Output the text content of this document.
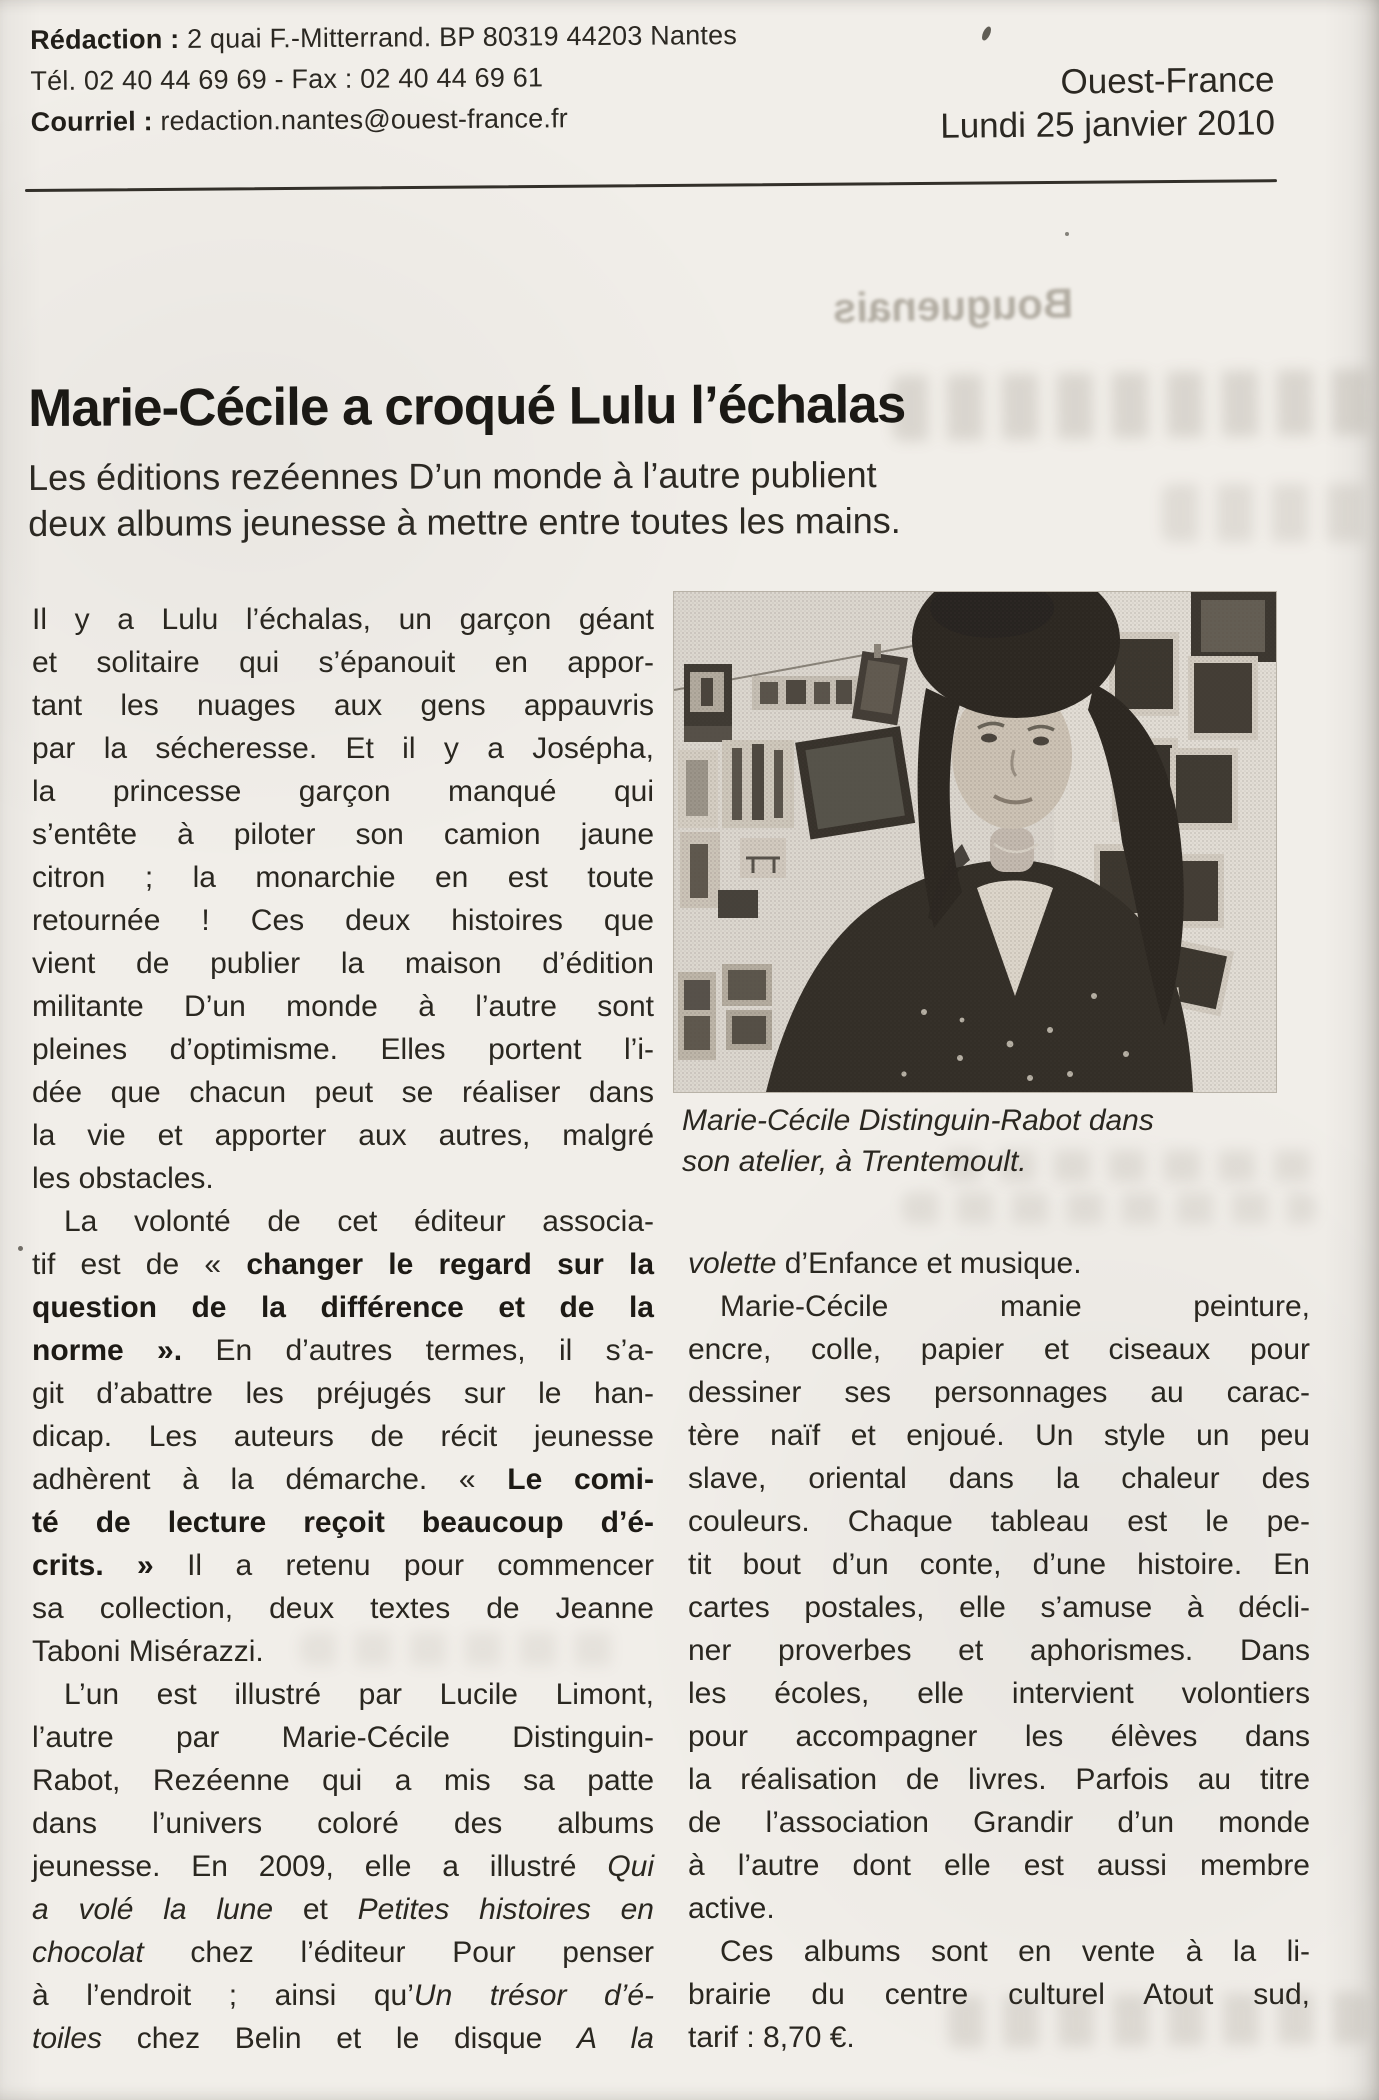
Rédaction : 2 quai F.-Mitterrand. BP 80319 44203 Nantes
Tél. 02 40 44 69 69 - Fax : 02 40 44 69 61
Courriel : redaction.nantes@ouest-france.fr
Ouest-France
Lundi 25 janvier 2010
Bouguenais
Marie-Cécile a croqué Lulu l’échalas
Les éditions rezéennes D’un monde à l’autre publient
deux albums jeunesse à mettre entre toutes les mains.
Il y a Lulu l’échalas, un garçon géant
et solitaire qui s’épanouit en appor-
tant les nuages aux gens appauvris
par la sécheresse. Et il y a Josépha,
la princesse garçon manqué qui
s’entête à piloter son camion jaune
citron ; la monarchie en est toute
retournée ! Ces deux histoires que
vient de publier la maison d’édition
militante D’un monde à l’autre sont
pleines d’optimisme. Elles portent l’i-
dée que chacun peut se réaliser dans
la vie et apporter aux autres, malgré
les obstacles.
La volonté de cet éditeur associa-
tif est de « changer le regard sur la
question de la différence et de la
norme ». En d’autres termes, il s’a-
git d’abattre les préjugés sur le han-
dicap. Les auteurs de récit jeunesse
adhèrent à la démarche. « Le comi-
té de lecture reçoit beaucoup d’é-
crits. » Il a retenu pour commencer
sa collection, deux textes de Jeanne
Taboni Misérazzi.
L’un est illustré par Lucile Limont,
l’autre par Marie-Cécile Distinguin-
Rabot, Rezéenne qui a mis sa patte
dans l’univers coloré des albums
jeunesse. En 2009, elle a illustré Qui
a volé la lune et Petites histoires en
chocolat chez l’éditeur Pour penser
à l’endroit ; ainsi qu’Un trésor d’é-
toiles chez Belin et le disque A la
volette d’Enfance et musique.
Marie-Cécile manie peinture,
encre, colle, papier et ciseaux pour
dessiner ses personnages au carac-
tère naïf et enjoué. Un style un peu
slave, oriental dans la chaleur des
couleurs. Chaque tableau est le pe-
tit bout d’un conte, d’une histoire. En
cartes postales, elle s’amuse à décli-
ner proverbes et aphorismes. Dans
les écoles, elle intervient volontiers
pour accompagner les élèves dans
la réalisation de livres. Parfois au titre
de l’association Grandir d’un monde
à l’autre dont elle est aussi membre
active.
Ces albums sont en vente à la li-
brairie du centre culturel Atout sud,
tarif : 8,70 €.
Marie-Cécile Distinguin-Rabot dans
son atelier, à Trentemoult.
